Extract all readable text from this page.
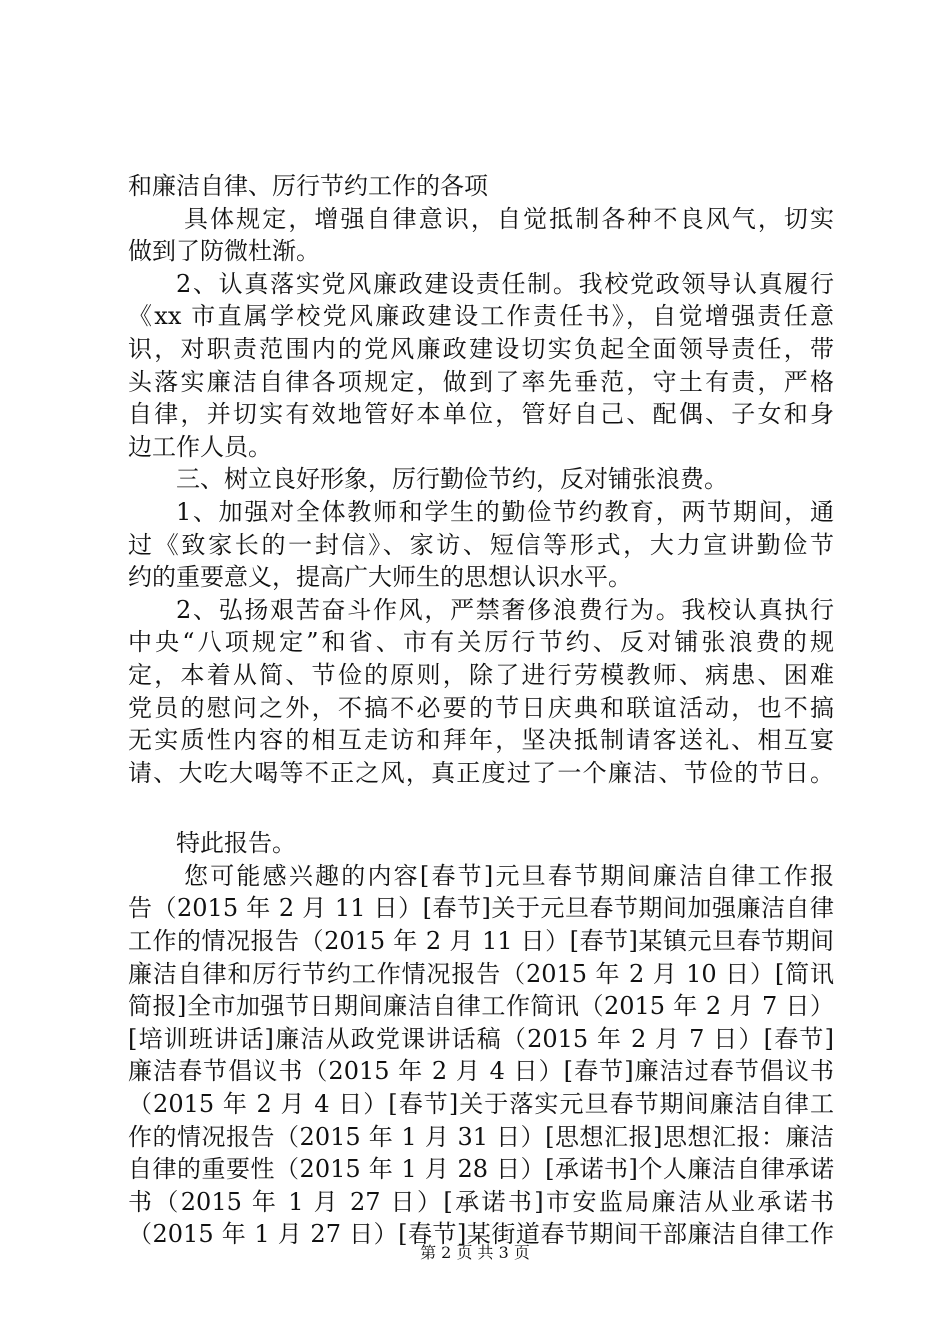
和廉洁自律、厉行节约工作的各项
具体规定，增强自律意识，自觉抵制各种不良风气，切实
做到了防微杜渐。
2、认真落实党风廉政建设责任制。我校党政领导认真履行
《xx 市直属学校党风廉政建设工作责任书》，自觉增强责任意
识，对职责范围内的党风廉政建设切实负起全面领导责任，带
头落实廉洁自律各项规定，做到了率先垂范，守土有责，严格
自律，并切实有效地管好本单位，管好自己、配偶、子女和身
边工作人员。
三、树立良好形象，厉行勤俭节约，反对铺张浪费。
1、加强对全体教师和学生的勤俭节约教育，两节期间，通
过《致家长的一封信》、家访、短信等形式，大力宣讲勤俭节
约的重要意义，提高广大师生的思想认识水平。
2、弘扬艰苦奋斗作风，严禁奢侈浪费行为。我校认真执行
中央“八项规定”和省、市有关厉行节约、反对铺张浪费的规
定，本着从简、节俭的原则，除了进行劳模教师、病患、困难
党员的慰问之外，不搞不必要的节日庆典和联谊活动，也不搞
无实质性内容的相互走访和拜年，坚决抵制请客送礼、相互宴
请、大吃大喝等不正之风，真正度过了一个廉洁、节俭的节日。
特此报告。
您可能感兴趣的内容[春节]元旦春节期间廉洁自律工作报
告（2015 年 2 月 11 日）[春节]关于元旦春节期间加强廉洁自律
工作的情况报告（2015 年 2 月 11 日）[春节]某镇元旦春节期间
廉洁自律和厉行节约工作情况报告（2015 年 2 月 10 日）[简讯
简报]全市加强节日期间廉洁自律工作简讯（2015 年 2 月 7 日）
[培训班讲话]廉洁从政党课讲话稿（2015 年 2 月 7 日）[春节]
廉洁春节倡议书（2015 年 2 月 4 日）[春节]廉洁过春节倡议书
（2015 年 2 月 4 日）[春节]关于落实元旦春节期间廉洁自律工
作的情况报告（2015 年 1 月 31 日）[思想汇报]思想汇报：廉洁
自律的重要性（2015 年 1 月 28 日）[承诺书]个人廉洁自律承诺
书（2015 年 1 月 27 日）[承诺书]市安监局廉洁从业承诺书
（2015 年 1 月 27 日）[春节]某街道春节期间干部廉洁自律工作
第 2 页 共 3 页
